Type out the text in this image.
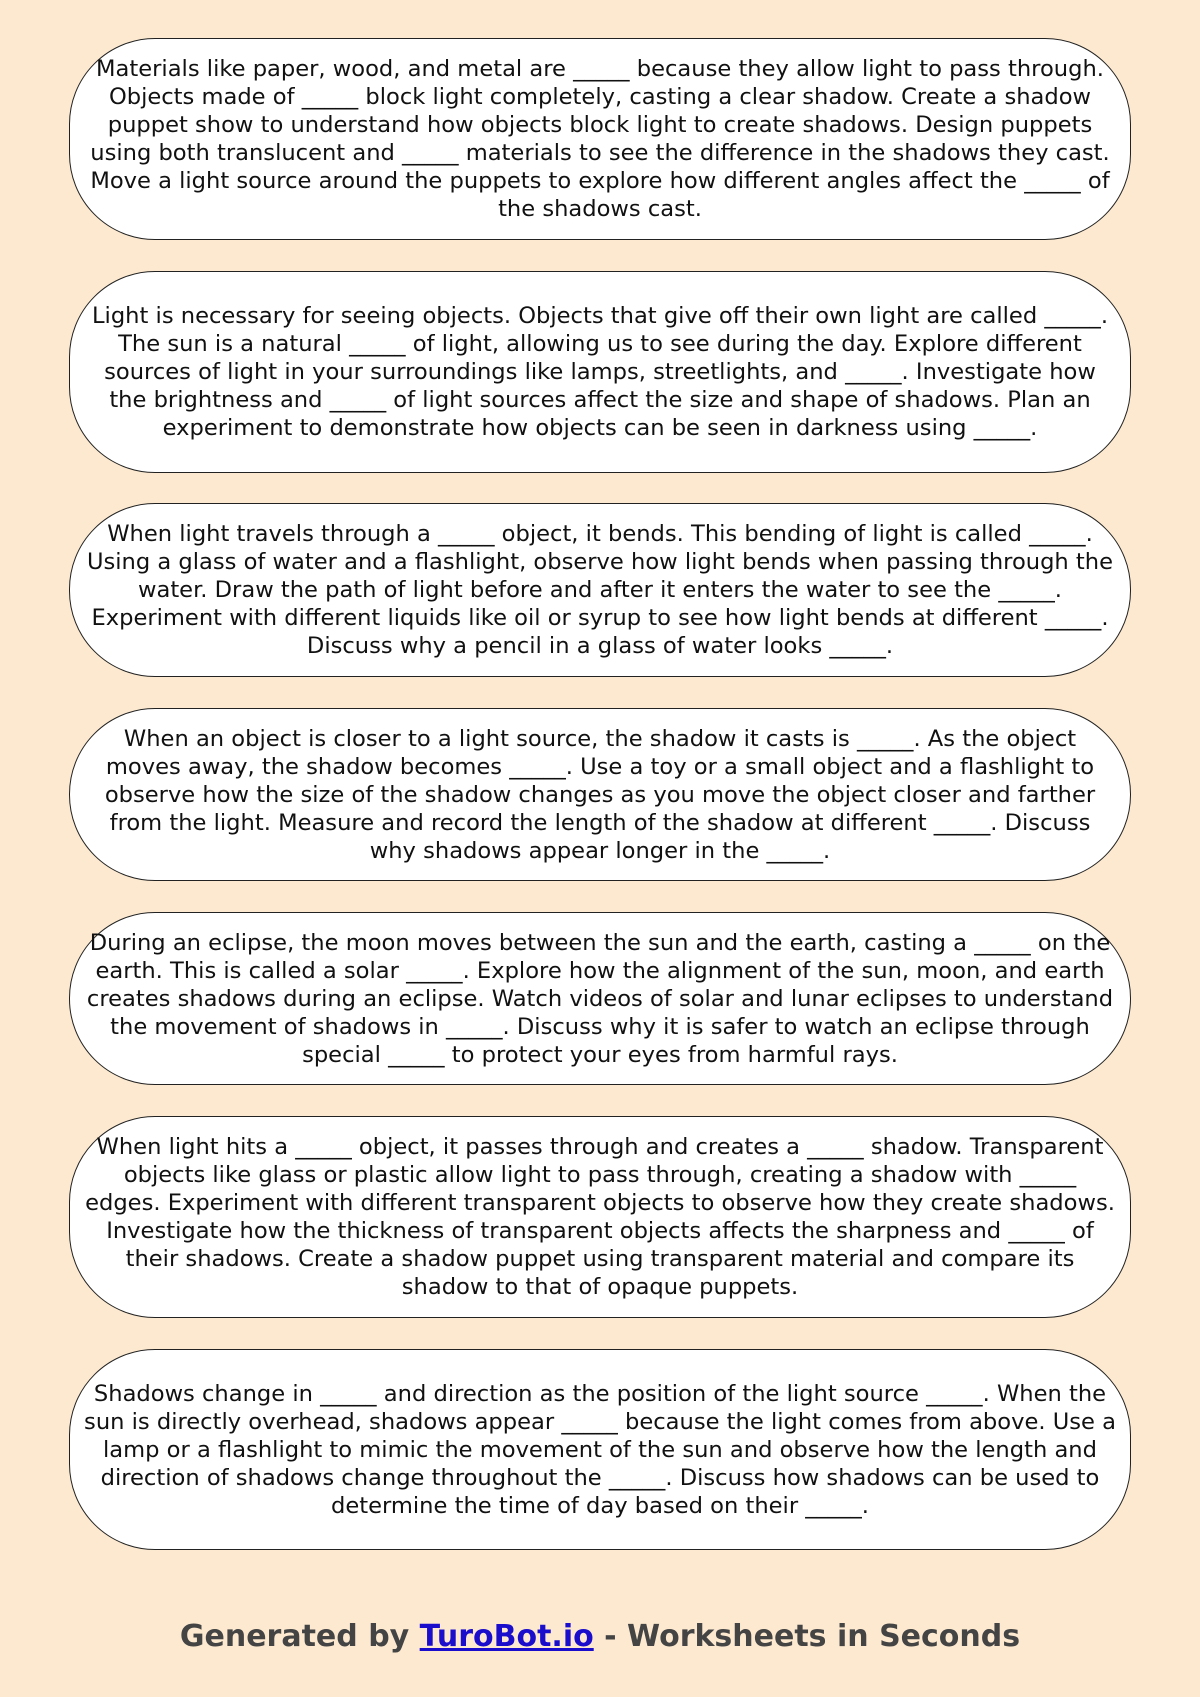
Materials like paper, wood, and metal are _____ because they allow light to pass through. Objects made of _____ block light completely, casting a clear shadow. Create a shadow puppet show to understand how objects block light to create shadows. Design puppets using both translucent and _____ materials to see the difference in the shadows they cast. Move a light source around the puppets to explore how different angles affect the _____ of the shadows cast.

Light is necessary for seeing objects. Objects that give off their own light are called _____. The sun is a natural _____ of light, allowing us to see during the day. Explore different sources of light in your surroundings like lamps, streetlights, and _____. Investigate how the brightness and _____ of light sources affect the size and shape of shadows. Plan an experiment to demonstrate how objects can be seen in darkness using _____.

When light travels through a _____ object, it bends. This bending of light is called _____. Using a glass of water and a flashlight, observe how light bends when passing through the water. Draw the path of light before and after it enters the water to see the _____. Experiment with different liquids like oil or syrup to see how light bends at different _____. Discuss why a pencil in a glass of water looks _____.

When an object is closer to a light source, the shadow it casts is _____. As the object moves away, the shadow becomes _____. Use a toy or a small object and a flashlight to observe how the size of the shadow changes as you move the object closer and farther from the light. Measure and record the length of the shadow at different _____. Discuss why shadows appear longer in the _____.

During an eclipse, the moon moves between the sun and the earth, casting a _____ on the earth. This is called a solar _____. Explore how the alignment of the sun, moon, and earth creates shadows during an eclipse. Watch videos of solar and lunar eclipses to understand the movement of shadows in _____. Discuss why it is safer to watch an eclipse through special _____ to protect your eyes from harmful rays.

When light hits a _____ object, it passes through and creates a _____ shadow. Transparent objects like glass or plastic allow light to pass through, creating a shadow with _____ edges. Experiment with different transparent objects to observe how they create shadows. Investigate how the thickness of transparent objects affects the sharpness and _____ of their shadows. Create a shadow puppet using transparent material and compare its shadow to that of opaque puppets.

Shadows change in _____ and direction as the position of the light source _____. When the sun is directly overhead, shadows appear _____ because the light comes from above. Use a lamp or a flashlight to mimic the movement of the sun and observe how the length and direction of shadows change throughout the _____. Discuss how shadows can be used to determine the time of day based on their _____.

Generated by TuroBot.io - Worksheets in Seconds
